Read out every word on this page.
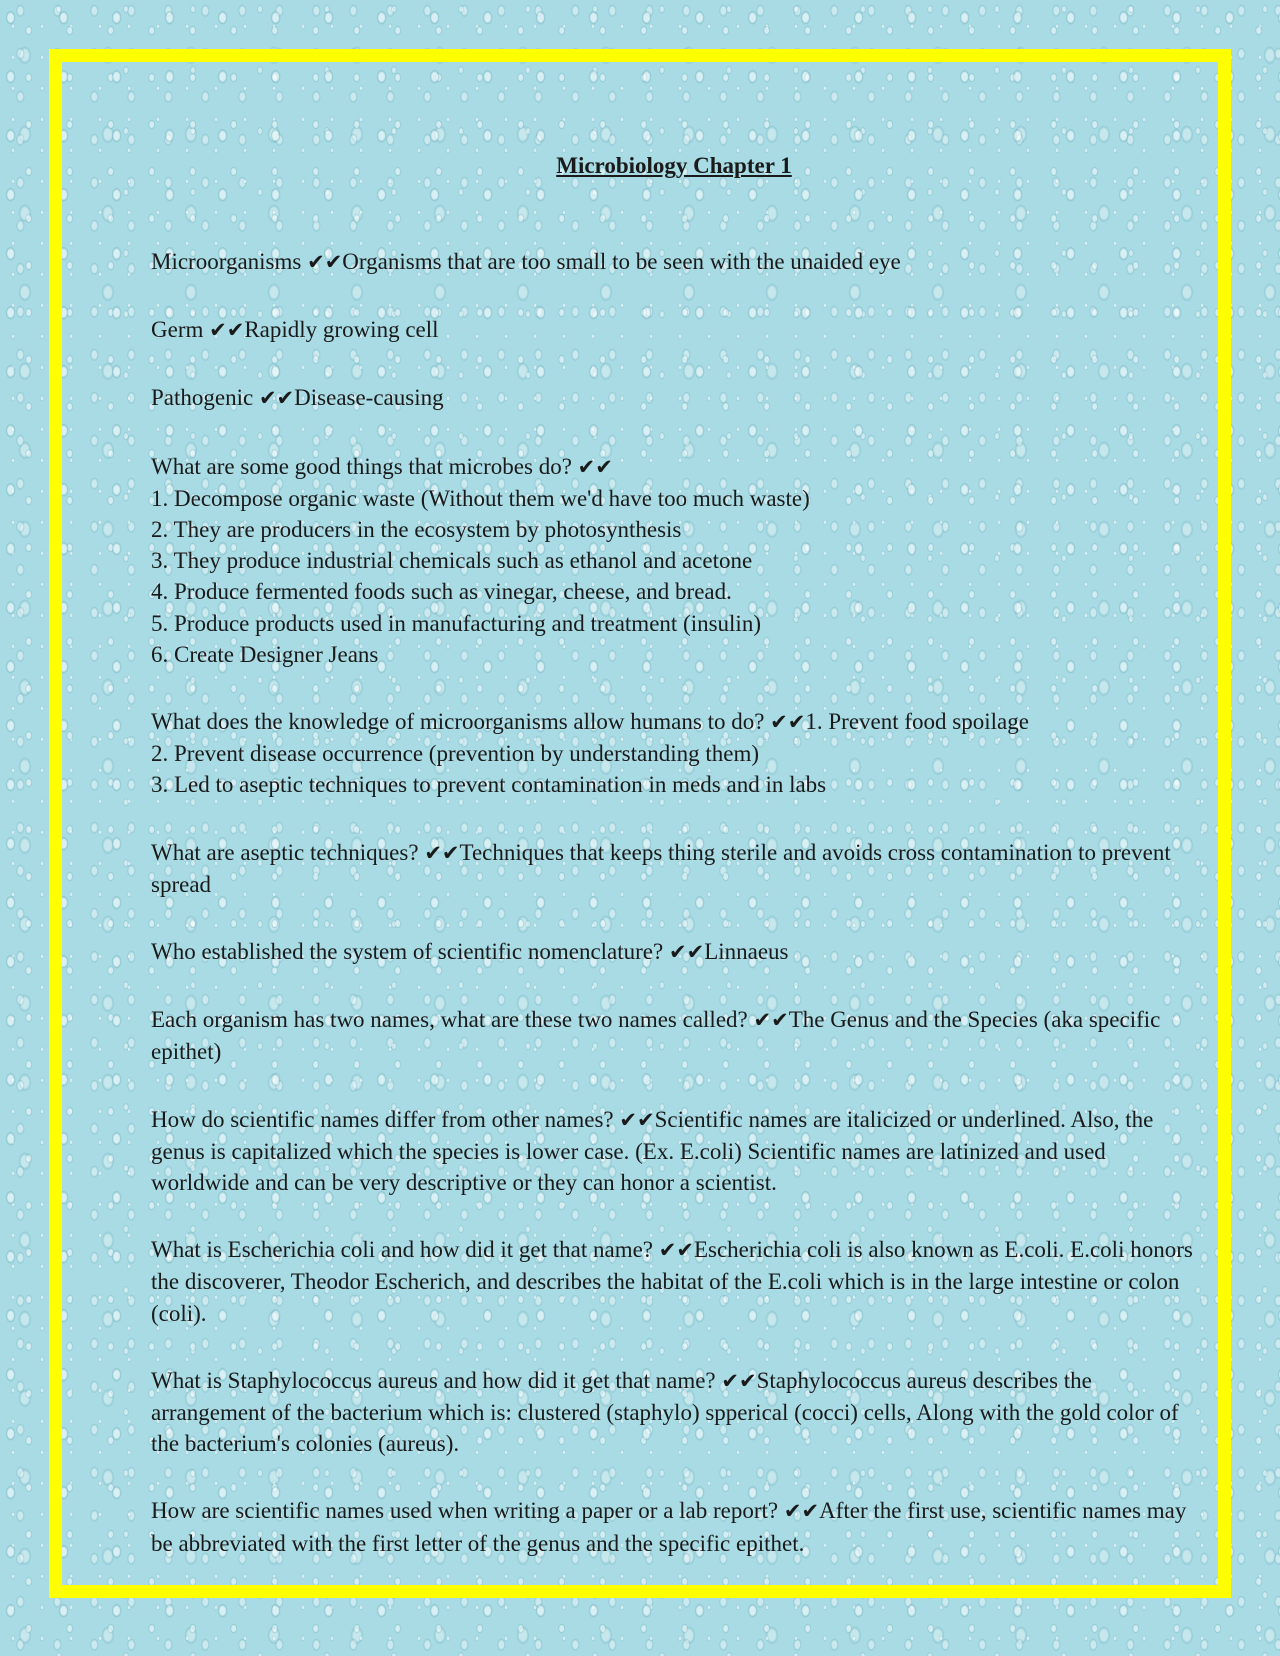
Microbiology Chapter 1
Microorganisms ✔✔Organisms that are too small to be seen with the unaided eye
Germ ✔✔Rapidly growing cell
Pathogenic ✔✔Disease-causing
What are some good things that microbes do? ✔✔
1. Decompose organic waste (Without them we'd have too much waste)
2. They are producers in the ecosystem by photosynthesis
3. They produce industrial chemicals such as ethanol and acetone
4. Produce fermented foods such as vinegar, cheese, and bread.
5. Produce products used in manufacturing and treatment (insulin)
6. Create Designer Jeans
What does the knowledge of microorganisms allow humans to do? ✔✔1. Prevent food spoilage
2. Prevent disease occurrence (prevention by understanding them)
3. Led to aseptic techniques to prevent contamination in meds and in labs
What are aseptic techniques? ✔✔Techniques that keeps thing sterile and avoids cross contamination to prevent spread
Who established the system of scientific nomenclature? ✔✔Linnaeus
Each organism has two names, what are these two names called? ✔✔The Genus and the Species (aka specific epithet)
How do scientific names differ from other names? ✔✔Scientific names are italicized or underlined. Also, the genus is capitalized which the species is lower case. (Ex. E.coli) Scientific names are latinized and used worldwide and can be very descriptive or they can honor a scientist.
What is Escherichia coli and how did it get that name? ✔✔Escherichia coli is also known as E.coli. E.coli honors the discoverer, Theodor Escherich, and describes the habitat of the E.coli which is in the large intestine or colon (coli).
What is Staphylococcus aureus and how did it get that name? ✔✔Staphylococcus aureus describes the arrangement of the bacterium which is: clustered (staphylo) spperical (cocci) cells, Along with the gold color of the bacterium's colonies (aureus).
How are scientific names used when writing a paper or a lab report? ✔✔After the first use, scientific names may be abbreviated with the first letter of the genus and the specific epithet.
